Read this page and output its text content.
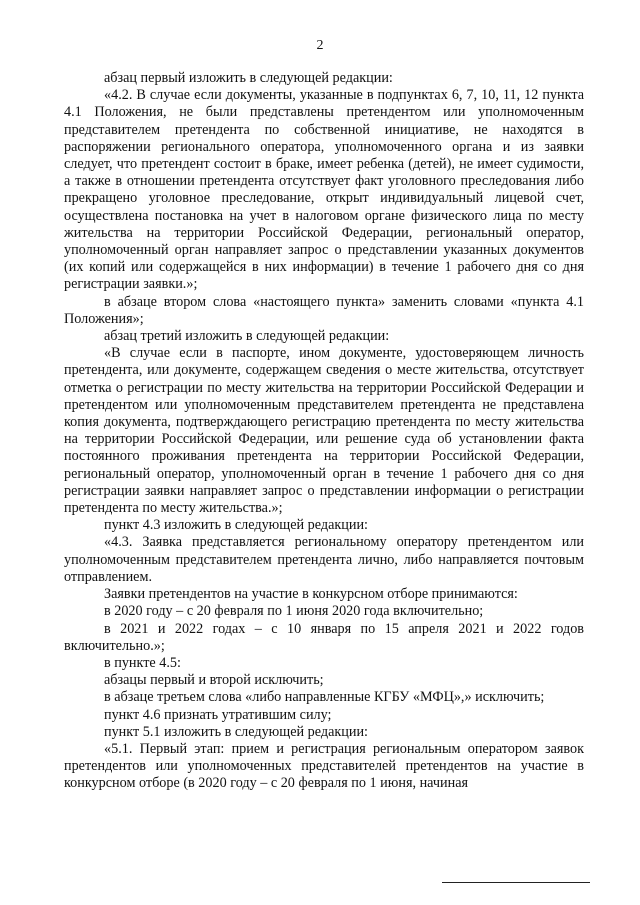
2

абзац первый изложить в следующей редакции:

«4.2. В случае если документы, указанные в подпунктах 6, 7, 10, 11, 12 пункта 4.1 Положения, не были представлены претендентом или уполномоченным представителем претендента по собственной инициативе, не находятся в распоряжении регионального оператора, уполномоченного органа и из заявки следует, что претендент состоит в браке, имеет ребенка (детей), не имеет судимости, а также в отношении претендента отсутствует факт уголовного преследования либо прекращено уголовное преследование, открыт индивидуальный лицевой счет, осуществлена постановка на учет в налоговом органе физического лица по месту жительства на территории Российской Федерации, региональный оператор, уполномоченный орган направляет запрос о представлении указанных документов (их копий или содержащейся в них информации) в течение 1 рабочего дня со дня регистрации заявки.»;

в абзаце втором слова «настоящего пункта» заменить словами «пункта 4.1 Положения»;

абзац третий изложить в следующей редакции:

«В случае если в паспорте, ином документе, удостоверяющем личность претендента, или документе, содержащем сведения о месте жительства, отсутствует отметка о регистрации по месту жительства на территории Российской Федерации и претендентом или уполномоченным представителем претендента не представлена копия документа, подтверждающего регистрацию претендента по месту жительства на территории Российской Федерации, или решение суда об установлении факта постоянного проживания претендента на территории Российской Федерации, региональный оператор, уполномоченный орган в течение 1 рабочего дня со дня регистрации заявки направляет запрос о представлении информации о регистрации претендента по месту жительства.»;

пункт 4.3 изложить в следующей редакции:

«4.3. Заявка представляется региональному оператору претендентом или уполномоченным представителем претендента лично, либо направляется почтовым отправлением.

Заявки претендентов на участие в конкурсном отборе принимаются:

в 2020 году – с 20 февраля по 1 июня 2020 года включительно;

в 2021 и 2022 годах – с 10 января по 15 апреля 2021 и 2022 годов включительно.»;

в пункте 4.5:

абзацы первый и второй исключить;

в абзаце третьем слова «либо направленные КГБУ «МФЦ»,» исключить;

пункт 4.6 признать утратившим силу;

пункт 5.1 изложить в следующей редакции:

«5.1. Первый этап: прием и регистрация региональным оператором заявок претендентов или уполномоченных представителей претендентов на участие в конкурсном отборе (в 2020 году – с 20 февраля по 1 июня, начиная
